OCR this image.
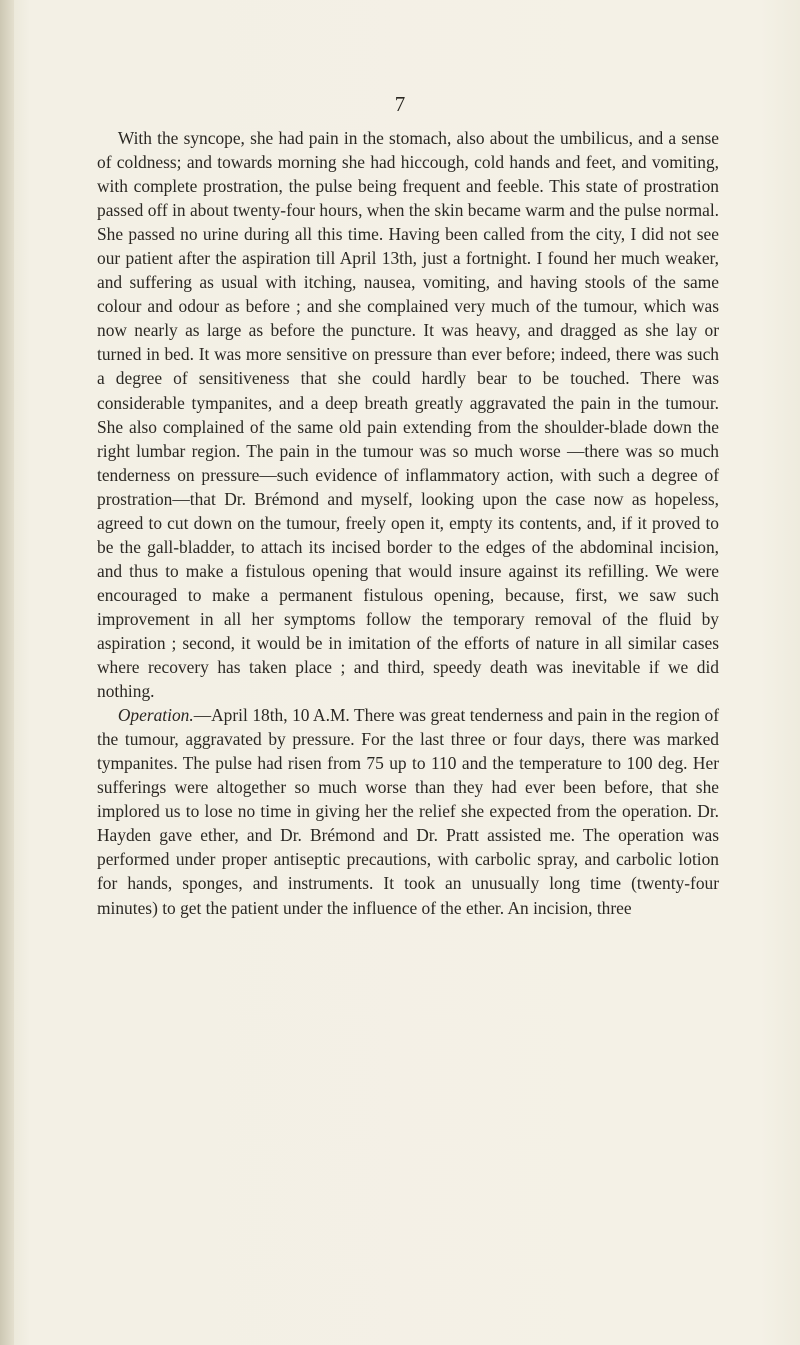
7

With the syncope, she had pain in the stomach, also about the umbilicus, and a sense of coldness; and towards morning she had hiccough, cold hands and feet, and vomiting, with complete prostration, the pulse being frequent and feeble. This state of prostration passed off in about twenty-four hours, when the skin became warm and the pulse normal. She passed no urine during all this time. Having been called from the city, I did not see our patient after the aspiration till April 13th, just a fortnight. I found her much weaker, and suffering as usual with itching, nausea, vomiting, and having stools of the same colour and odour as before ; and she complained very much of the tumour, which was now nearly as large as before the puncture. It was heavy, and dragged as she lay or turned in bed. It was more sensitive on pressure than ever before; indeed, there was such a degree of sensitiveness that she could hardly bear to be touched. There was considerable tympanites, and a deep breath greatly aggravated the pain in the tumour. She also complained of the same old pain extending from the shoulder-blade down the right lumbar region. The pain in the tumour was so much worse —there was so much tenderness on pressure—such evidence of inflammatory action, with such a degree of prostration—that Dr. Brémond and myself, looking upon the case now as hopeless, agreed to cut down on the tumour, freely open it, empty its contents, and, if it proved to be the gall-bladder, to attach its incised border to the edges of the abdominal incision, and thus to make a fistulous opening that would insure against its refilling. We were encouraged to make a permanent fistulous opening, because, first, we saw such improvement in all her symptoms follow the temporary removal of the fluid by aspiration ; second, it would be in imitation of the efforts of nature in all similar cases where recovery has taken place ; and third, speedy death was inevitable if we did nothing.

Operation.—April 18th, 10 A.M. There was great tenderness and pain in the region of the tumour, aggravated by pressure. For the last three or four days, there was marked tympanites. The pulse had risen from 75 up to 110 and the temperature to 100 deg. Her sufferings were altogether so much worse than they had ever been before, that she implored us to lose no time in giving her the relief she expected from the operation. Dr. Hayden gave ether, and Dr. Brémond and Dr. Pratt assisted me. The operation was performed under proper antiseptic precautions, with carbolic spray, and carbolic lotion for hands, sponges, and instruments. It took an unusually long time (twenty-four minutes) to get the patient under the influence of the ether. An incision, three
